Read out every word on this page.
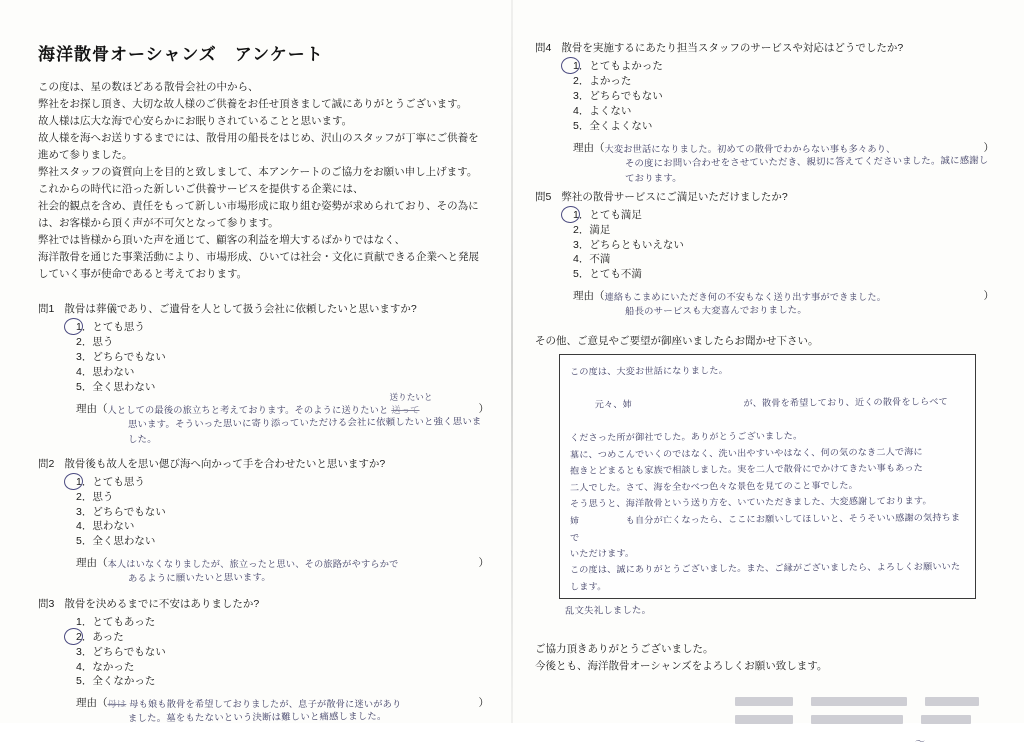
海洋散骨オーシャンズ　アンケート
この度は、星の数ほどある散骨会社の中から、
弊社をお探し頂き、大切な故人様のご供養をお任せ頂きまして誠にありがとうございます。
故人様は広大な海で心安らかにお眠りされていることと思います。
故人様を海へお送りするまでには、散骨用の船長をはじめ、沢山のスタッフが丁寧にご供養を進めて参りました。
弊社スタッフの資質向上を目的と致しまして、本アンケートのご協力をお願い申し上げます。
これからの時代に沿った新しいご供養サービスを提供する企業には、
社会的観点を含め、責任をもって新しい市場形成に取り組む姿勢が求められており、その為には、お客様から頂く声が不可欠となって参ります。
弊社では皆様から頂いた声を通じて、顧客の利益を増大するばかりではなく、
海洋散骨を通じた事業活動により、市場形成、ひいては社会・文化に貢献できる企業へと発展していく事が使命であると考えております。
問1 散骨は葬儀であり、ご遺骨を人として扱う会社に依頼したいと思いますか?
1．とても思う
2．思う
3．どちらでもない
4．思わない
5．全く思わない
理由（ 人としての最後の旅立ちと考えております。そのように送りたいと 送って
送りたいと
）
思います。そういった思いに寄り添っていただける会社に依頼したいと強く思いました。
問2 散骨後も故人を思い偲び海へ向かって手を合わせたいと思いますか?
1．とても思う
2．思う
3．どちらでもない
4．思わない
5．全く思わない
理由（ 本人はいなくなりましたが、旅立ったと思い、その旅路がやすらかで	）
あるように願いたいと思います。
問3 散骨を決めるまでに不安はありましたか?
1．とてもあった
2．あった
3．どちらでもない
4．なかった
5．全くなかった
理由（ 母は 母も娘も散骨を希望しておりましたが、息子が散骨に迷いがあり	）
ました。墓をもたないという決断は難しいと痛感しました。
問4 散骨を実施するにあたり担当スタッフのサービスや対応はどうでしたか?
1．とてもよかった
2．よかった
3．どちらでもない
4．よくない
5．全くよくない
理由（ 大変お世話になりました。初めての散骨でわからない事も多々あり、	）
その度にお問い合わせをさせていただき、親切に答えてくださいました。誠に感謝しております。
問5 弊社の散骨サービスにご満足いただけましたか?
1．とても満足
2．満足
3．どちらともいえない
4．不満
5．とても不満
理由（ 連絡もこまめにいただき何の不安もなく送り出す事ができました。	）
船長のサービスも大変喜んでおりました。
その他、ご意見やご要望が御座いましたらお聞かせ下さい。
この度は、大変お世話になりました。

元々、姉　　　　　　　　　　　　が、散骨を希望しており、近くの散骨をしらべて

くださった所が御社でした。ありがとうございました。
墓に、つめこんでいくのではなく、洗い出やすいやはなく、何の気のなき二人で海に
抱きとどまるとも家族で相談しました。実を二人で散骨にでかけてきたい事もあった
二人でした。さて、海を全むべつ色々な景色を見てのこと事でした。
そう思うと、海洋散骨という送り方を、いていただきました、大変感謝しております。
姉　　　　　も自分が亡くなったら、ここにお願いしてほしいと、そうそいい感謝の気持ちまで
いただけます。
この度は、誠にありがとうございました。また、ご縁がございましたら、よろしくお願いいたします。
乱文失礼しました。
ご協力頂きありがとうございました。
今後とも、海洋散骨オーシャンズをよろしくお願い致します。
〜
